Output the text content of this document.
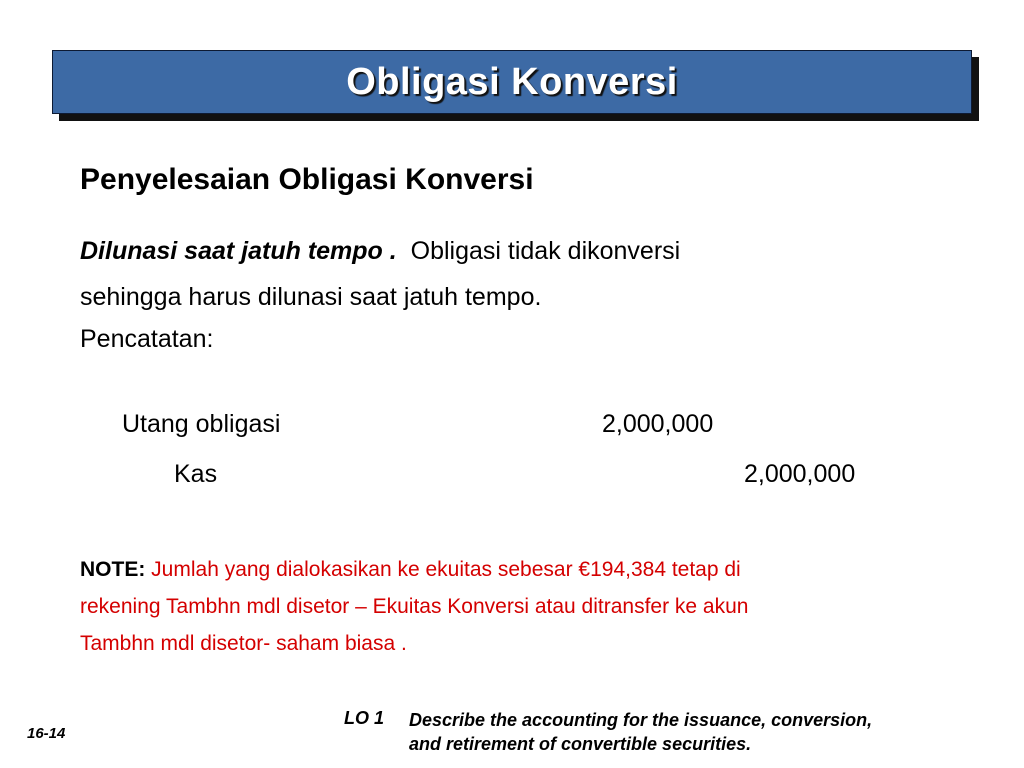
Obligasi Konversi
Penyelesaian Obligasi Konversi
Dilunasi saat jatuh tempo . Obligasi tidak dikonversi
sehingga harus dilunasi saat jatuh tempo.
Pencatatan:
Utang obligasi	2,000,000
Kas	2,000,000
NOTE: Jumlah yang dialokasikan ke ekuitas sebesar €194,384 tetap di
rekening Tambhn mdl disetor – Ekuitas Konversi atau ditransfer ke akun
Tambhn mdl disetor- saham biasa .
16-14
LO 1 Describe the accounting for the issuance, conversion,
and retirement of convertible securities.
